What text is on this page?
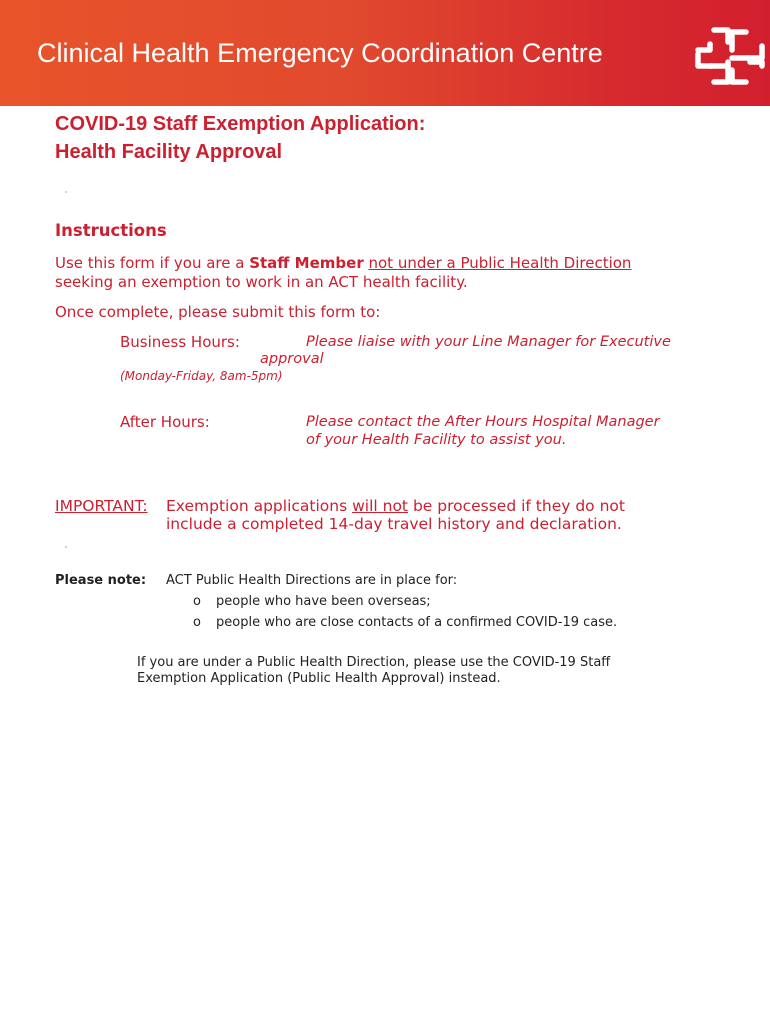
Clinical Health Emergency Coordination Centre
COVID-19 Staff Exemption Application:
Health Facility Approval
Instructions
Use this form if you are a Staff Member not under a Public Health Direction
seeking an exemption to work in an ACT health facility.
Once complete, please submit this form to:
Business Hours:	Please liaise with your Line Manager for Executive
approval
(Monday-Friday, 8am-5pm)
After Hours:	Please contact the After Hours Hospital Manager
of your Health Facility to assist you.
IMPORTANT: Exemption applications will not be processed if they do not
include a completed 14-day travel history and declaration.
Please note: ACT Public Health Directions are in place for:
o people who have been overseas;
o people who are close contacts of a confirmed COVID-19 case.
If you are under a Public Health Direction, please use the COVID-19 Staff
Exemption Application (Public Health Approval) instead.
